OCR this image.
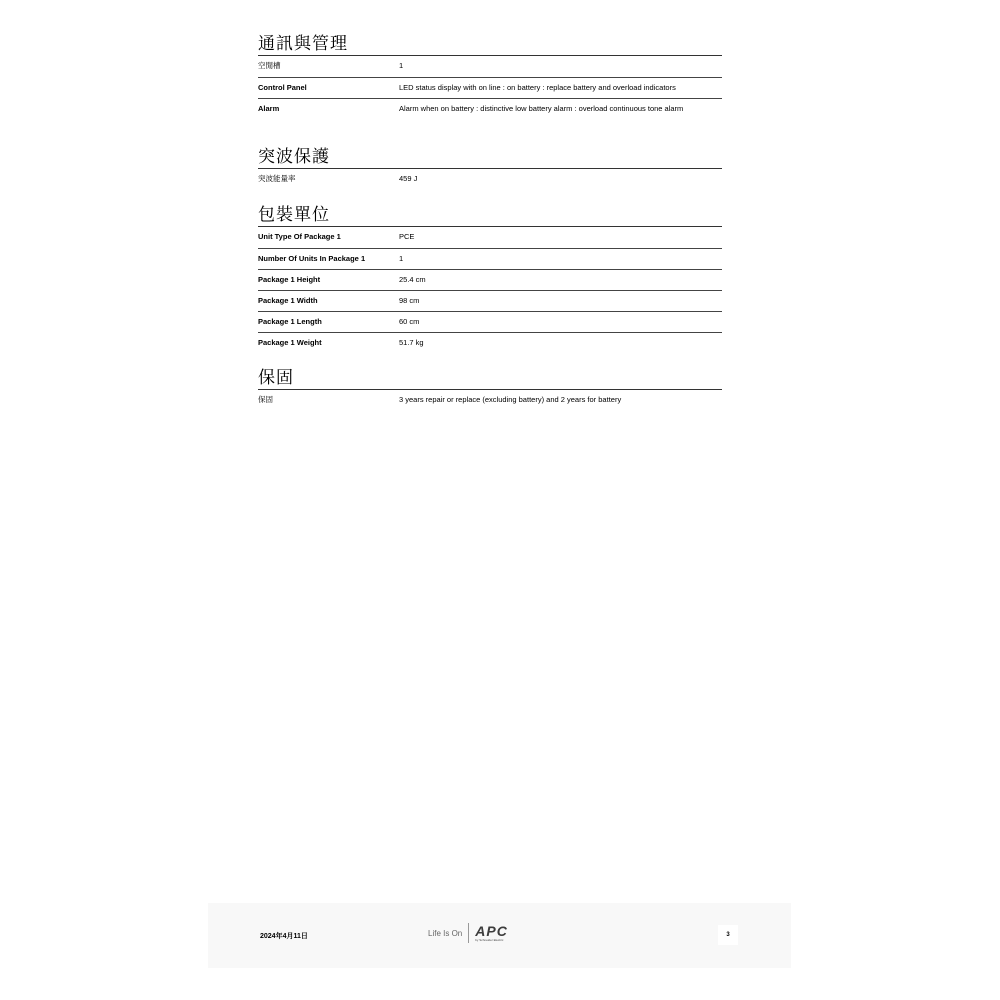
通訊與管理
空閒槽	1
Control Panel	LED status display with on line : on battery : replace battery and overload indicators
Alarm	Alarm when on battery : distinctive low battery alarm : overload continuous tone alarm
突波保護
突波能量率	459 J
包裝單位
Unit Type Of Package 1	PCE
Number Of Units In Package 1	1
Package 1 Height	25.4 cm
Package 1 Width	98 cm
Package 1 Length	60 cm
Package 1 Weight	51.7 kg
保固
保固	3 years repair or replace (excluding battery) and 2 years for battery
2024年4月11日	Life Is On APC
by Schneider Electric
3
